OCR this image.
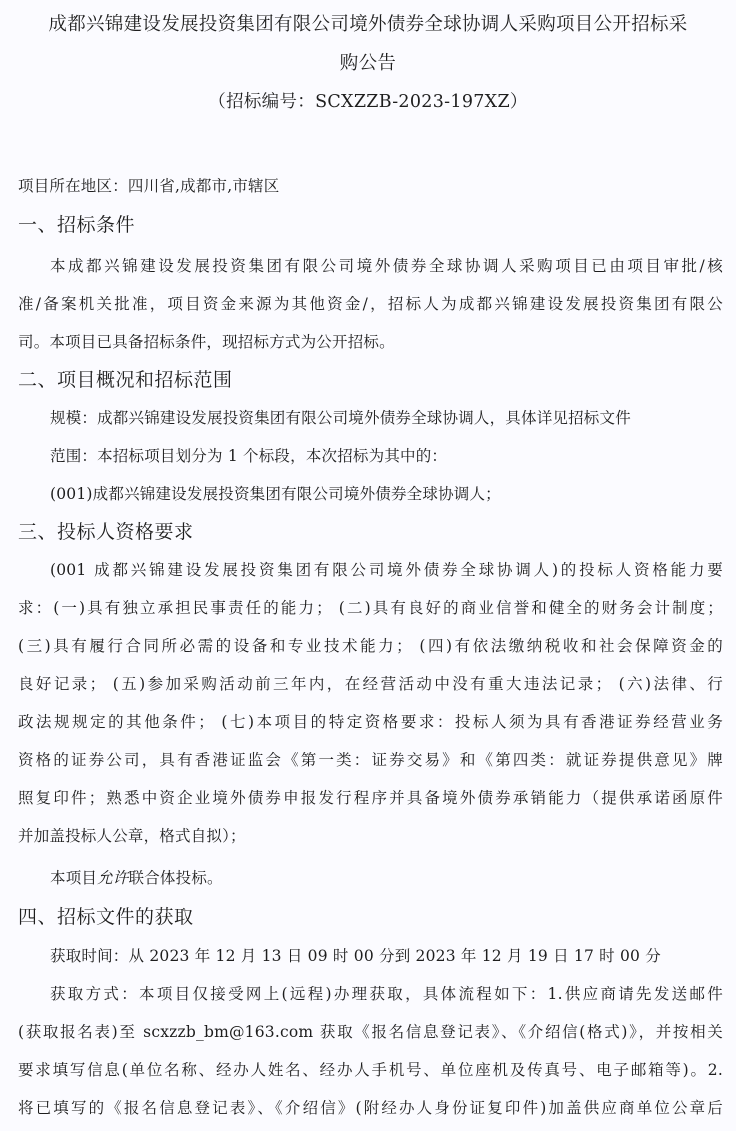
成都兴锦建设发展投资集团有限公司境外债券全球协调人采购项目公开招标采
购公告
（招标编号：SCXZZB-2023-197XZ）
项目所在地区：四川省,成都市,市辖区
一、招标条件
本成都兴锦建设发展投资集团有限公司境外债券全球协调人采购项目已由项目审批/核
准/备案机关批准，项目资金来源为其他资金/，招标人为成都兴锦建设发展投资集团有限公
司。本项目已具备招标条件，现招标方式为公开招标。
二、项目概况和招标范围
规模：成都兴锦建设发展投资集团有限公司境外债券全球协调人，具体详见招标文件
范围：本招标项目划分为 1 个标段，本次招标为其中的：
(001)成都兴锦建设发展投资集团有限公司境外债券全球协调人；
三、投标人资格要求
(001 成都兴锦建设发展投资集团有限公司境外债券全球协调人)的投标人资格能力要
求：(一)具有独立承担民事责任的能力； (二)具有良好的商业信誉和健全的财务会计制度；
(三)具有履行合同所必需的设备和专业技术能力； (四)有依法缴纳税收和社会保障资金的
良好记录； (五)参加采购活动前三年内，在经营活动中没有重大违法记录； (六)法律、行
政法规规定的其他条件； (七)本项目的特定资格要求：投标人须为具有香港证券经营业务
资格的证券公司，具有香港证监会《第一类：证券交易》和《第四类：就证券提供意见》牌
照复印件；熟悉中资企业境外债券申报发行程序并具备境外债券承销能力（提供承诺函原件
并加盖投标人公章，格式自拟）；
本项目允许联合体投标。
四、招标文件的获取
获取时间：从 2023 年 12 月 13 日 09 时 00 分到 2023 年 12 月 19 日 17 时 00 分
获取方式：本项目仅接受网上(远程)办理获取，具体流程如下：1.供应商请先发送邮件
(获取报名表)至 scxzzb_bm@163.com 获取《报名信息登记表》、《介绍信(格式)》，并按相关
要求填写信息(单位名称、经办人姓名、经办人手机号、单位座机及传真号、电子邮箱等)。2.
将已填写的《报名信息登记表》、《介绍信》(附经办人身份证复印件)加盖供应商单位公章后
